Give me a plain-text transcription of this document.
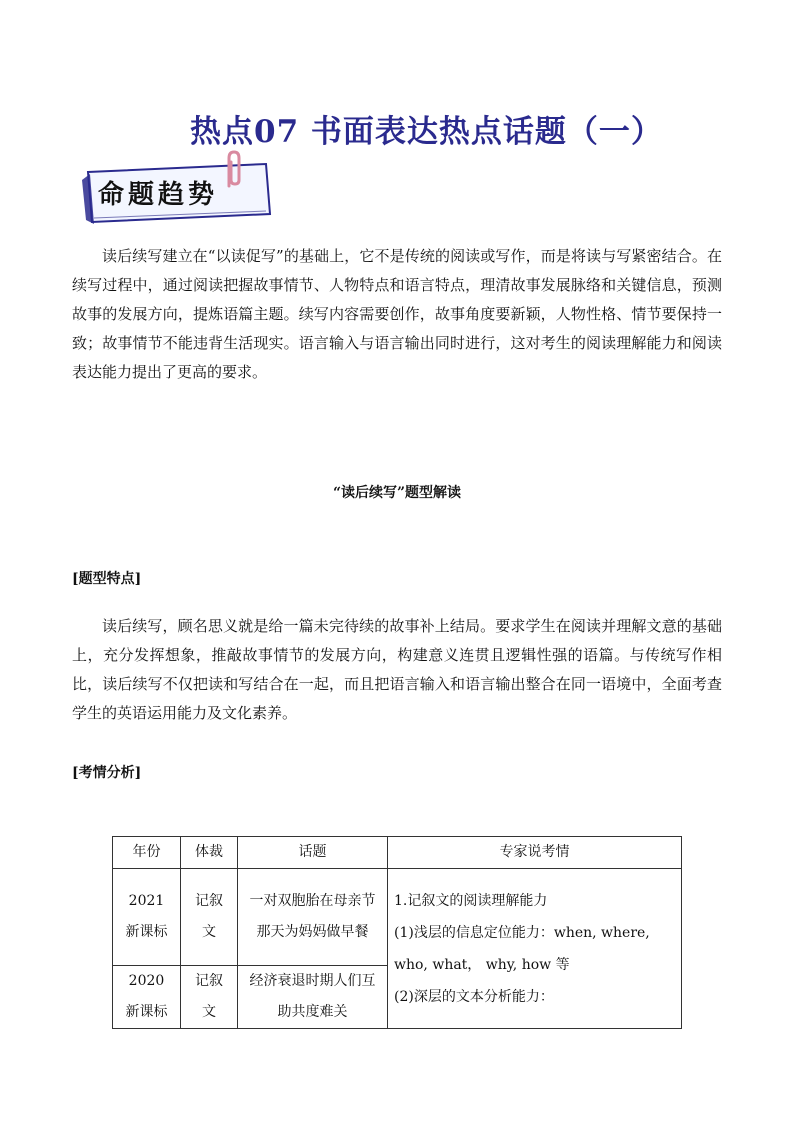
热点07 书面表达热点话题（一）
命题趋势

读后续写建立在“以读促写”的基础上，它不是传统的阅读或写作，而是将读与写紧密结合。在续写过程中，通过阅读把握故事情节、人物特点和语言特点，理清故事发展脉络和关键信息，预测故事的发展方向，提炼语篇主题。续写内容需要创作，故事角度要新颖，人物性格、情节要保持一致；故事情节不能违背生活现实。语言输入与语言输出同时进行，这对考生的阅读理解能力和阅读表达能力提出了更高的要求。

“读后续写”题型解读
[题型特点]

读后续写，顾名思义就是给一篇未完待续的故事补上结局。要求学生在阅读并理解文意的基础上，充分发挥想象，推敲故事情节的发展方向，构建意义连贯且逻辑性强的语篇。与传统写作相比，读后续写不仅把读和写结合在一起，而且把语言输入和语言输出整合在同一语境中，全面考查学生的英语运用能力及文化素养。

[考情分析]
年份	体裁	话题	专家说考情
2021 新课标	记叙文	一对双胞胎在母亲节那天为妈妈做早餐	1.记叙文的阅读理解能力
(1)浅层的信息定位能力：when, where,
who, what， why, how 等
(2)深层的文本分析能力：

2020 新课标	记叙文	经济衰退时期人们互助共度难关	
